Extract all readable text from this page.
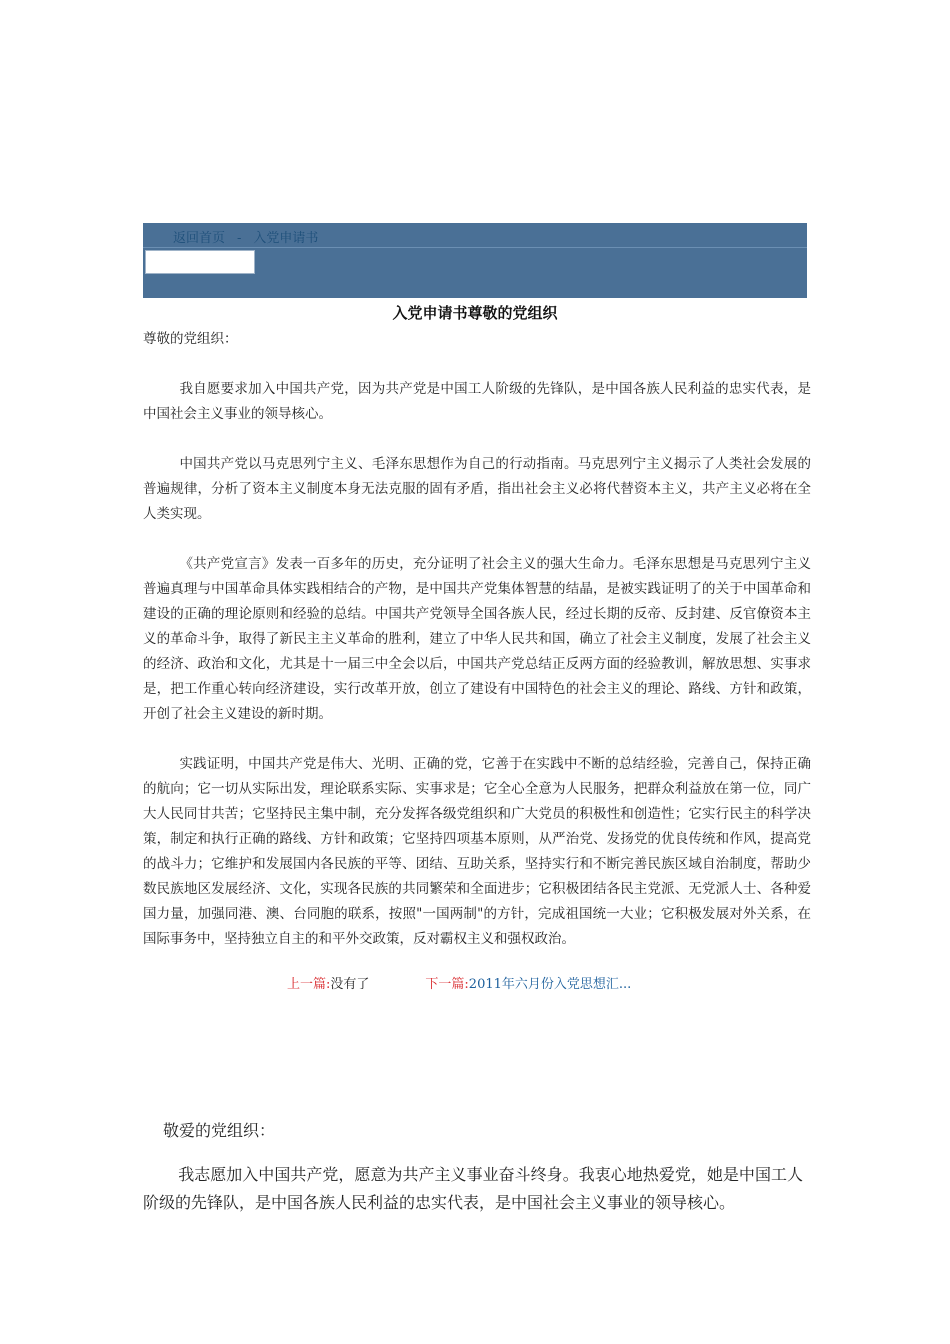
返回首页 - 入党申请书
入党申请书尊敬的党组织
尊敬的党组织：

我自愿要求加入中国共产党，因为共产党是中国工人阶级的先锋队，是中国各族人民利益的忠实代表，是中国社会主义事业的领导核心。

中国共产党以马克思列宁主义、毛泽东思想作为自己的行动指南。马克思列宁主义揭示了人类社会发展的普遍规律，分析了资本主义制度本身无法克服的固有矛盾，指出社会主义必将代替资本主义，共产主义必将在全人类实现。

《共产党宣言》发表一百多年的历史，充分证明了社会主义的强大生命力。毛泽东思想是马克思列宁主义普遍真理与中国革命具体实践相结合的产物，是中国共产党集体智慧的结晶，是被实践证明了的关于中国革命和建设的正确的理论原则和经验的总结。中国共产党领导全国各族人民，经过长期的反帝、反封建、反官僚资本主义的革命斗争，取得了新民主主义革命的胜利，建立了中华人民共和国，确立了社会主义制度，发展了社会主义的经济、政治和文化，尤其是十一届三中全会以后，中国共产党总结正反两方面的经验教训，解放思想、实事求是，把工作重心转向经济建设，实行改革开放，创立了建设有中国特色的社会主义的理论、路线、方针和政策，开创了社会主义建设的新时期。

实践证明，中国共产党是伟大、光明、正确的党，它善于在实践中不断的总结经验，完善自己，保持正确的航向；它一切从实际出发，理论联系实际、实事求是；它全心全意为人民服务，把群众利益放在第一位，同广大人民同甘共苦；它坚持民主集中制，充分发挥各级党组织和广大党员的积极性和创造性；它实行民主的科学决策，制定和执行正确的路线、方针和政策；它坚持四项基本原则，从严治党、发扬党的优良传统和作风，提高党的战斗力；它维护和发展国内各民族的平等、团结、互助关系，坚持实行和不断完善民族区域自治制度，帮助少数民族地区发展经济、文化，实现各民族的共同繁荣和全面进步；它积极团结各民主党派、无党派人士、各种爱国力量，加强同港、澳、台同胞的联系，按照"一国两制"的方针，完成祖国统一大业；它积极发展对外关系，在国际事务中，坚持独立自主的和平外交政策，反对霸权主义和强权政治。

上一篇:没有了	下一篇:2011年六月份入党思想汇...
敬爱的党组织：

我志愿加入中国共产党，愿意为共产主义事业奋斗终身。我衷心地热爱党，她是中国工人阶级的先锋队，是中国各族人民利益的忠实代表，是中国社会主义事业的领导核心。
